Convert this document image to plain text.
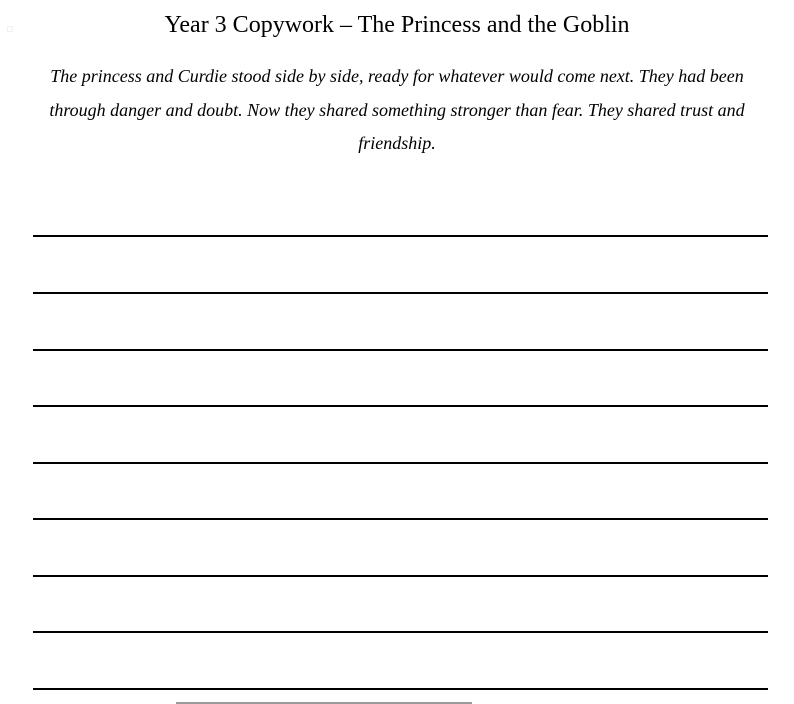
▫	Year 3 Copywork – The Princess and the Goblin
The princess and Curdie stood side by side, ready for whatever would come next. They had been through danger and doubt. Now they shared something stronger than fear. They shared trust and friendship.
